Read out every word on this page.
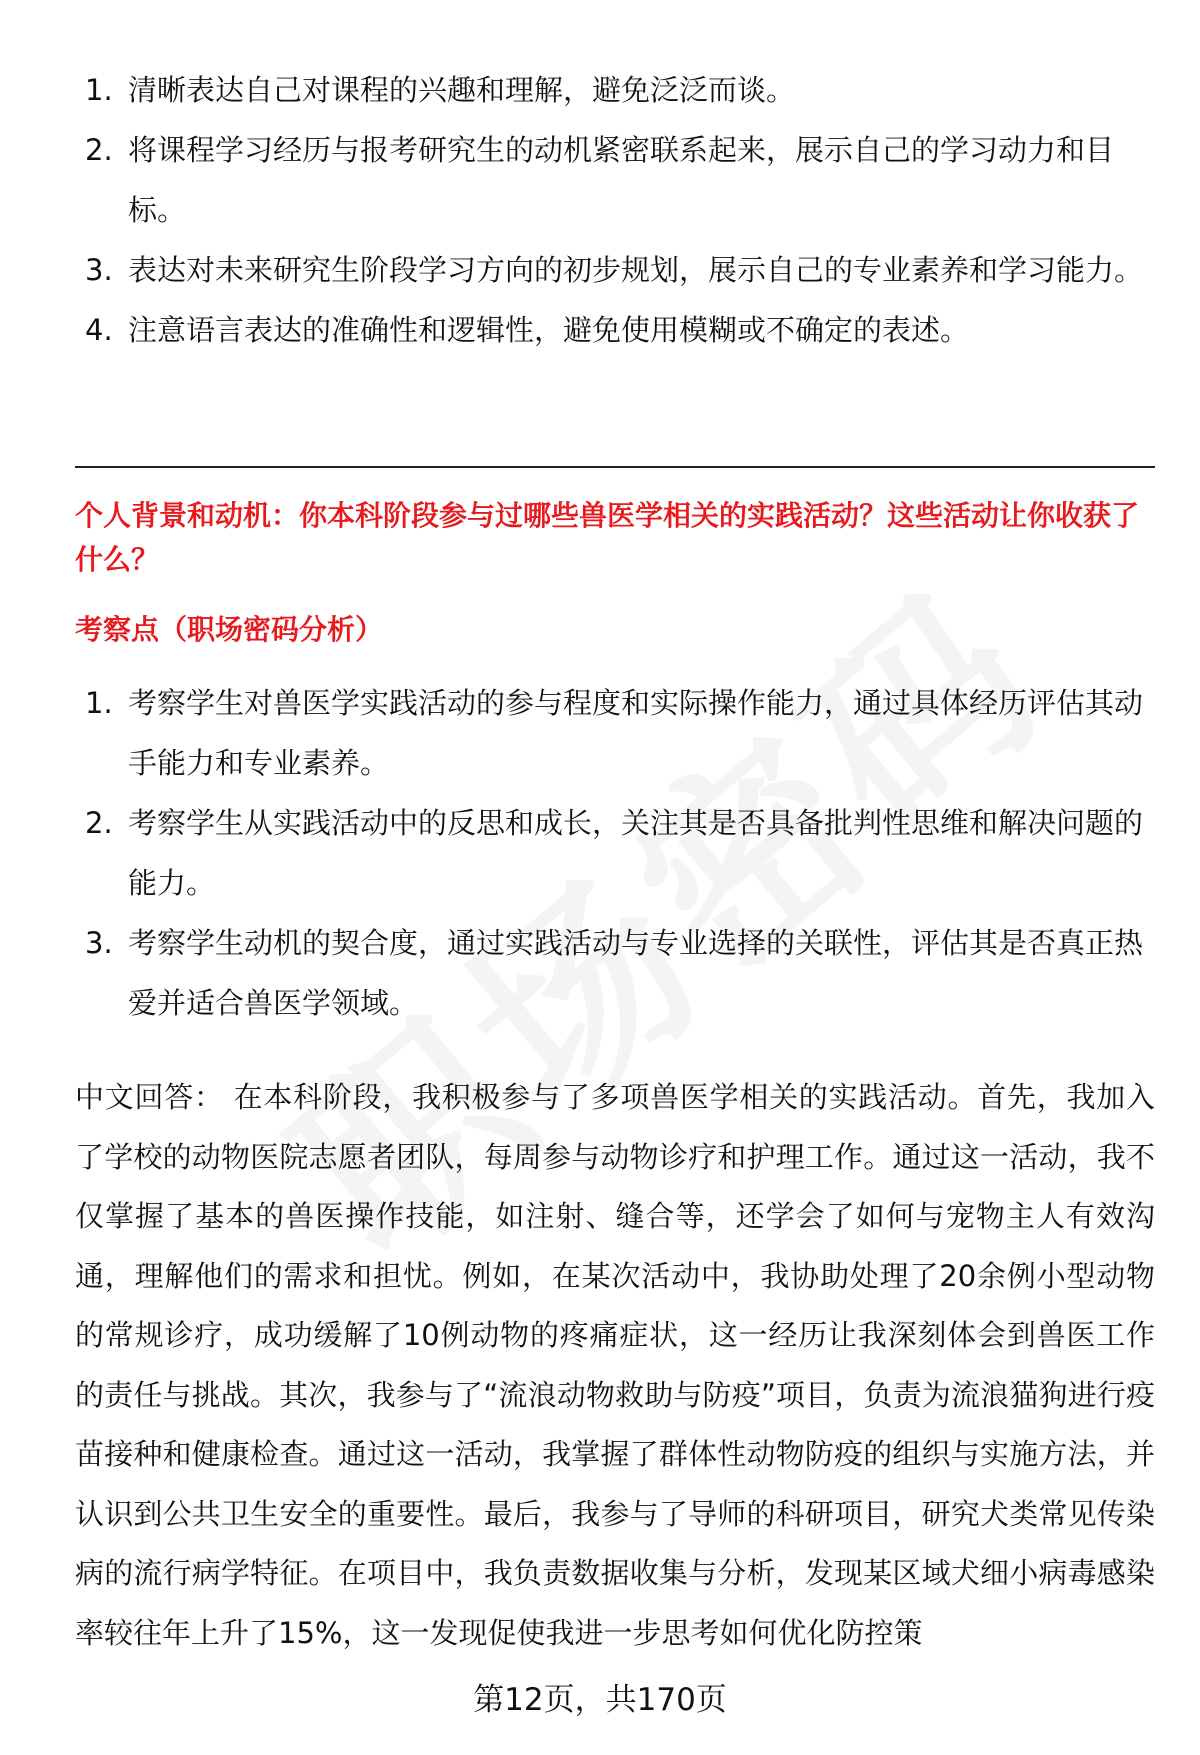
1. 清晰表达自己对课程的兴趣和理解，避免泛泛而谈。
2. 将课程学习经历与报考研究生的动机紧密联系起来，展示自己的学习动力和目标。
3. 表达对未来研究生阶段学习方向的初步规划，展示自己的专业素养和学习能力。
4. 注意语言表达的准确性和逻辑性，避免使用模糊或不确定的表述。
个人背景和动机：你本科阶段参与过哪些兽医学相关的实践活动？这些活动让你收获了什么？
考察点（职场密码分析）
1. 考察学生对兽医学实践活动的参与程度和实际操作能力，通过具体经历评估其动手能力和专业素养。
2. 考察学生从实践活动中的反思和成长，关注其是否具备批判性思维和解决问题的能力。
3. 考察学生动机的契合度，通过实践活动与专业选择的关联性，评估其是否真正热爱并适合兽医学领域。
中文回答： 在本科阶段，我积极参与了多项兽医学相关的实践活动。首先，我加入了学校的动物医院志愿者团队，每周参与动物诊疗和护理工作。通过这一活动，我不仅掌握了基本的兽医操作技能，如注射、缝合等，还学会了如何与宠物主人有效沟通，理解他们的需求和担忧。例如，在某次活动中，我协助处理了20余例小型动物的常规诊疗，成功缓解了10例动物的疼痛症状，这一经历让我深刻体会到兽医工作的责任与挑战。其次，我参与了“流浪动物救助与防疫”项目，负责为流浪猫狗进行疫苗接种和健康检查。通过这一活动，我掌握了群体性动物防疫的组织与实施方法，并认识到公共卫生安全的重要性。最后，我参与了导师的科研项目，研究犬类常见传染病的流行病学特征。在项目中，我负责数据收集与分析，发现某区域犬细小病毒感染率较往年上升了15%，这一发现促使我进一步思考如何优化防控策
第12页，共170页
